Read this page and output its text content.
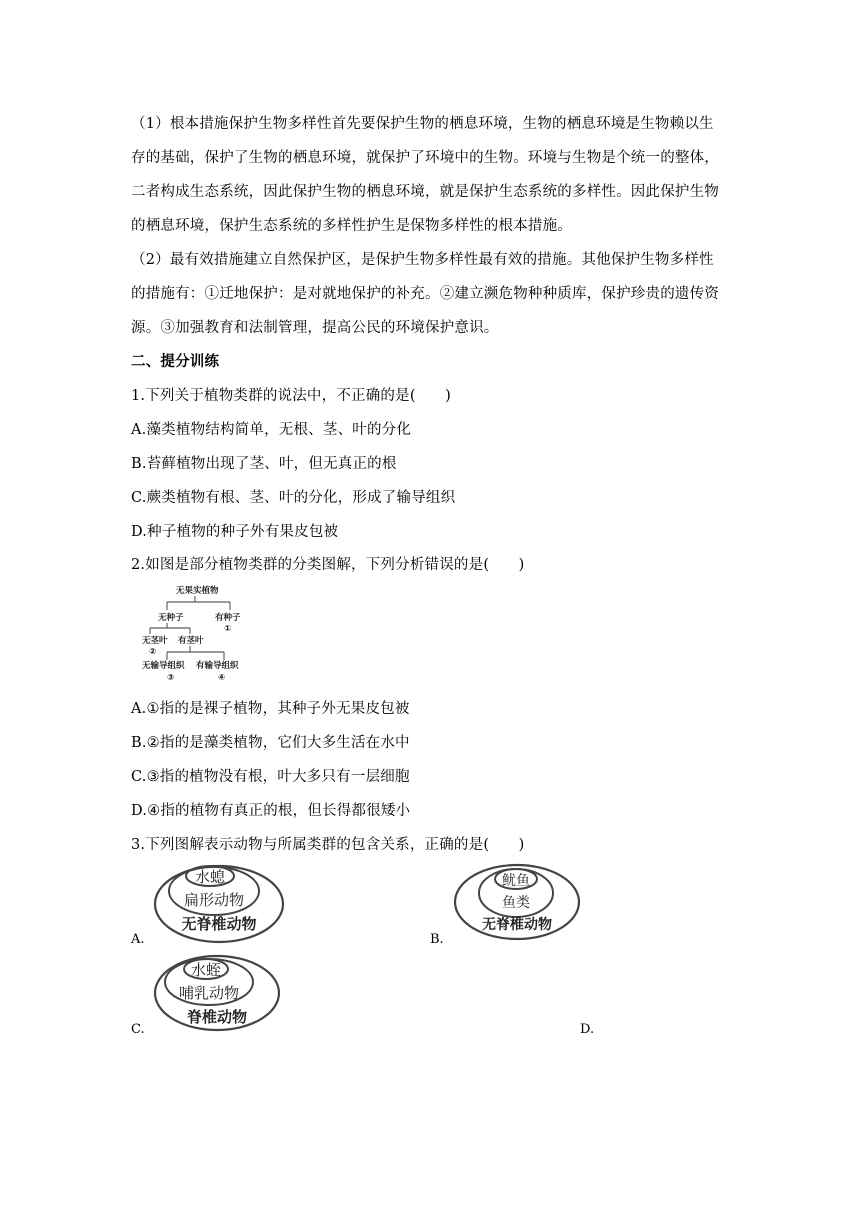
（1）根本措施保护生物多样性首先要保护生物的栖息环境，生物的栖息环境是生物赖以生
存的基础，保护了生物的栖息环境，就保护了环境中的生物。环境与生物是个统一的整体，
二者构成生态系统，因此保护生物的栖息环境，就是保护生态系统的多样性。因此保护生物
的栖息环境，保护生态系统的多样性护生是保物多样性的根本措施。
（2）最有效措施建立自然保护区，是保护生物多样性最有效的措施。其他保护生物多样性
的措施有：①迁地保护：是对就地保护的补充。②建立濒危物种种质库，保护珍贵的遗传资
源。③加强教育和法制管理，提高公民的环境保护意识。
二、提分训练
1.下列关于植物类群的说法中，不正确的是(　　)
A.藻类植物结构简单，无根、茎、叶的分化
B.苔藓植物出现了茎、叶，但无真正的根
C.蕨类植物有根、茎、叶的分化，形成了输导组织
D.种子植物的种子外有果皮包被
2.如图是部分植物类群的分类图解，下列分析错误的是(　　)
无果实植物
无种子	有种子
①
无茎叶 有茎叶
②
无输导组织 有输导组织
③	④
A.①指的是裸子植物，其种子外无果皮包被
B.②指的是藻类植物，它们大多生活在水中
C.③指的植物没有根，叶大多只有一层细胞
D.④指的植物有真正的根，但长得都很矮小
3.下列图解表示动物与所属类群的包含关系，正确的是(　　)
水螅
扁形动物
无脊椎动物
A.
鱿鱼
鱼类
无脊椎动物
B.
水蛭
哺乳动物
脊椎动物
C.	D.
